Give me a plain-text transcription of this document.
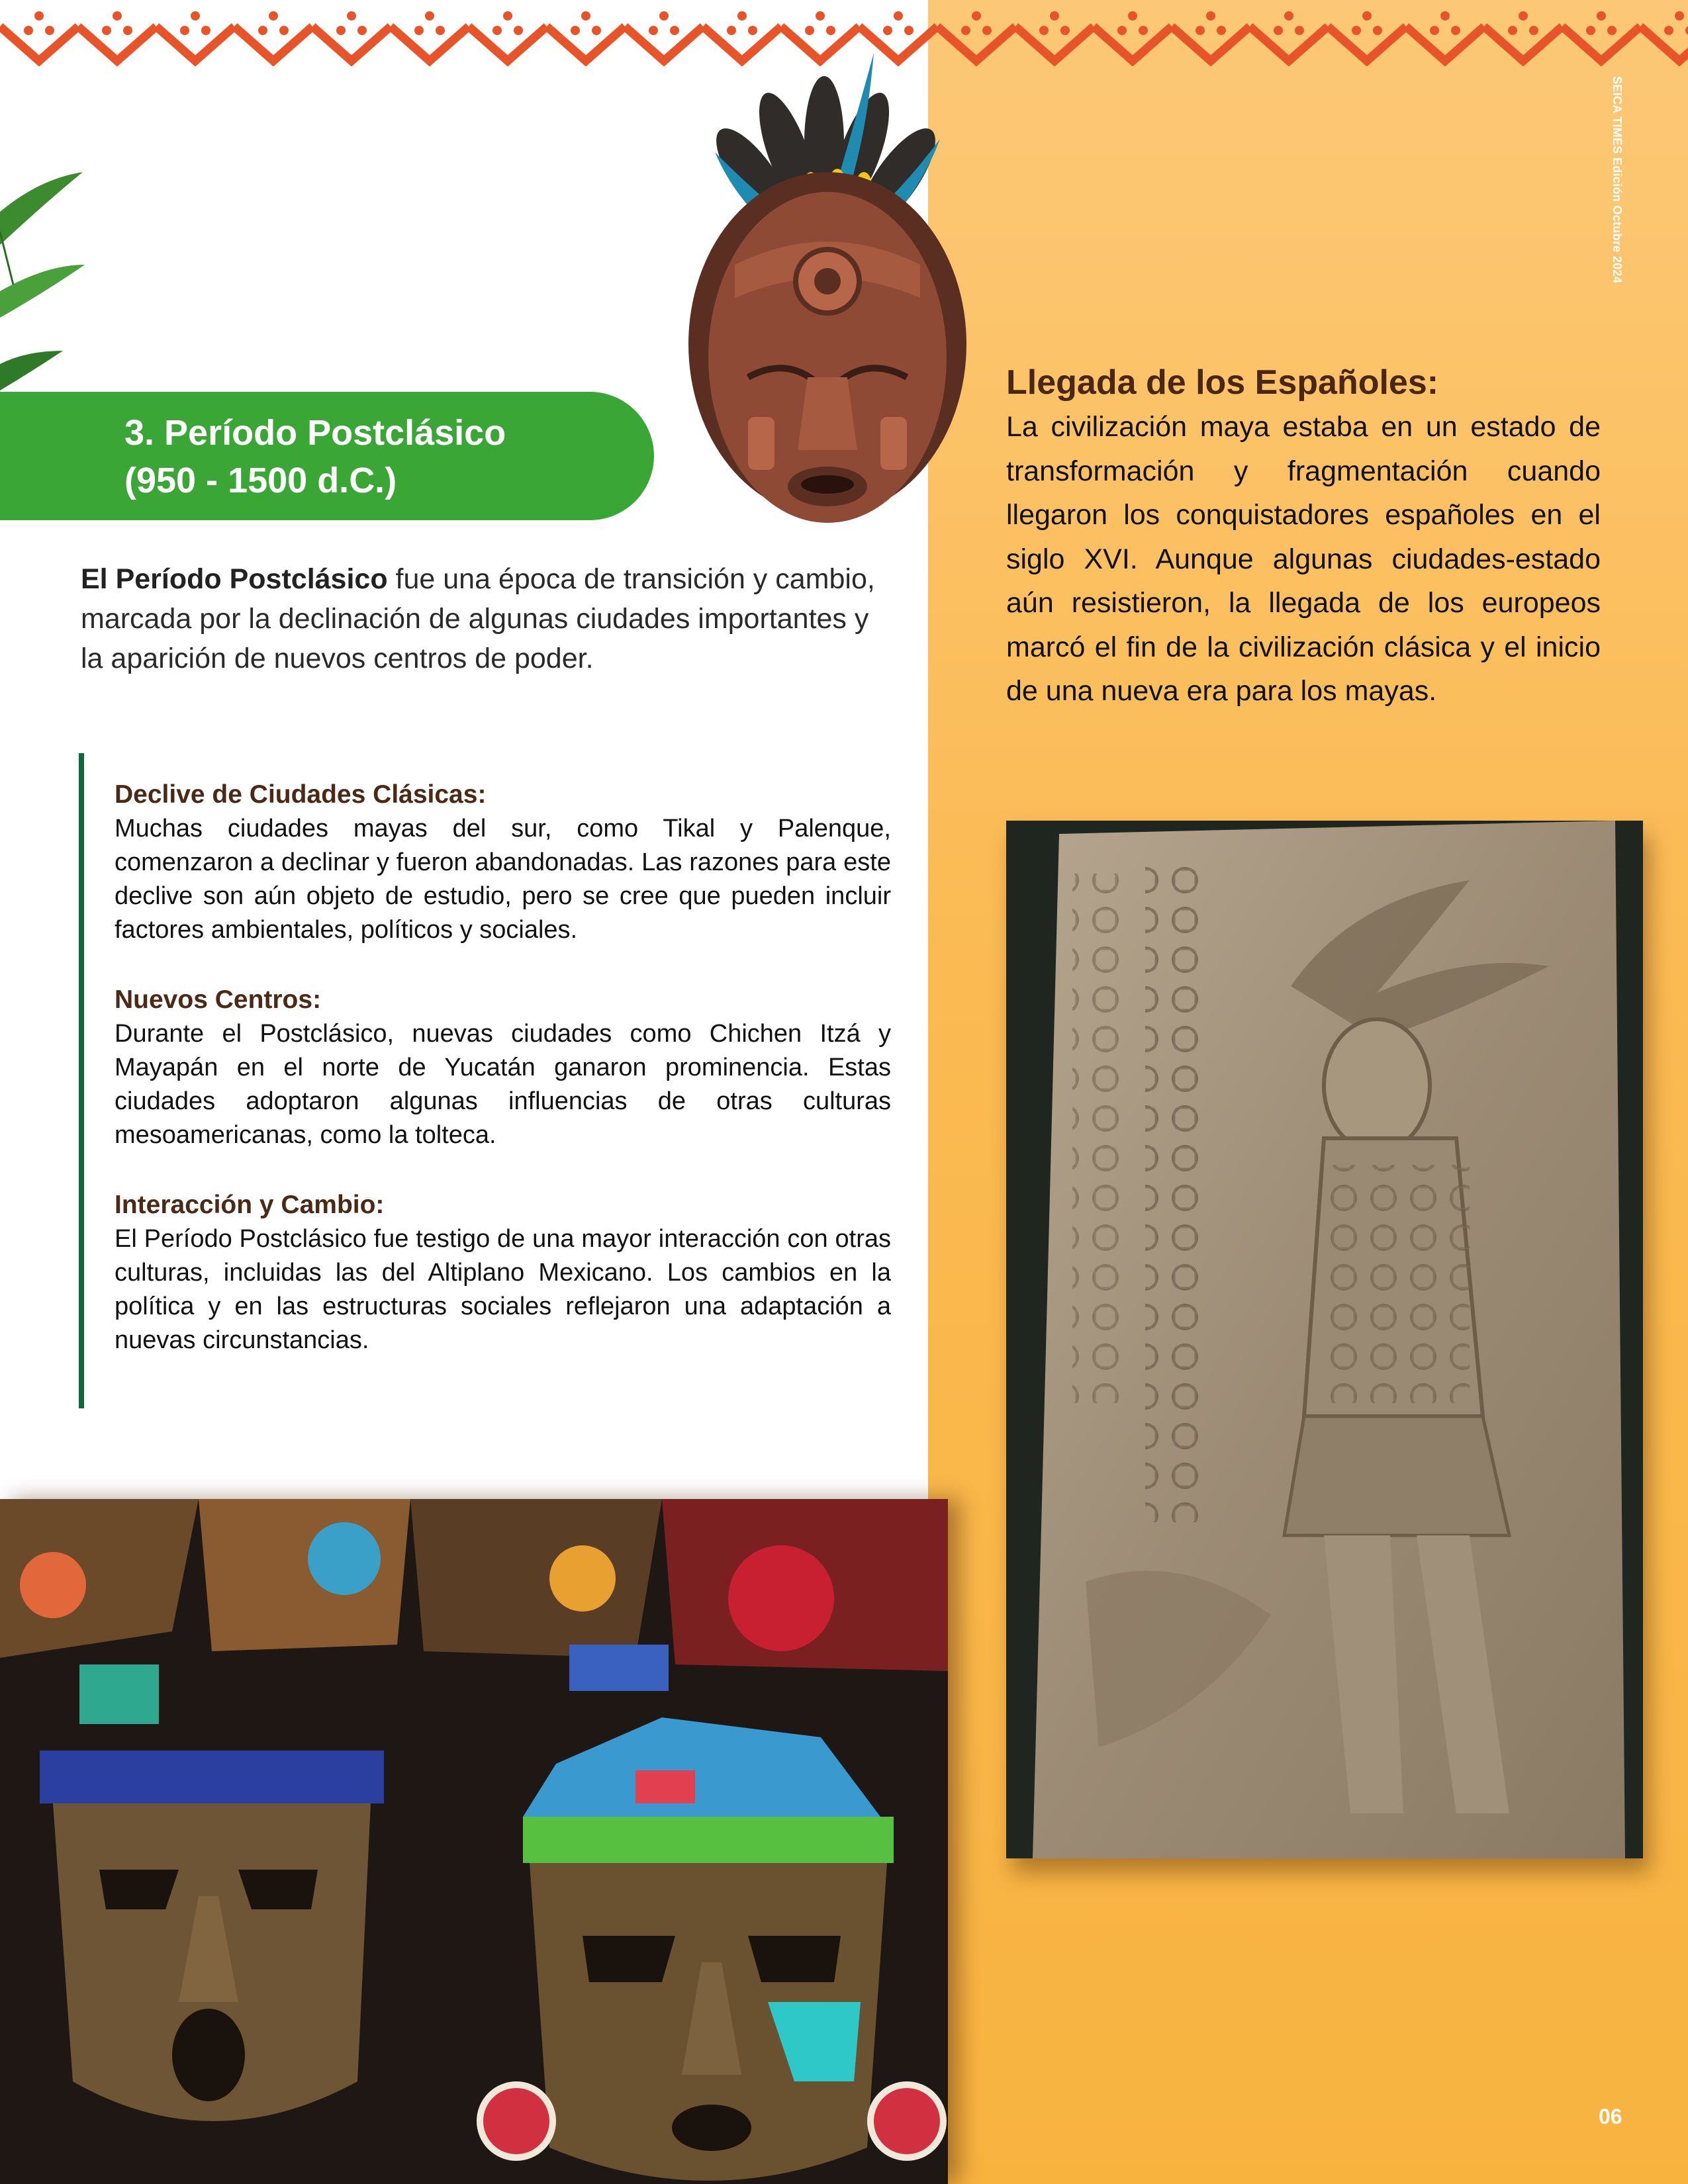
SEICA TIMES Edición Octubre 2024
3. Período Postclásico
(950 - 1500 d.C.)
El Período Postclásico fue una época de transición y cambio, marcada por la declinación de algunas ciudades importantes y la aparición de nuevos centros de poder.
Declive de Ciudades Clásicas:
Muchas ciudades mayas del sur, como Tikal y Palenque, comenzaron a declinar y fueron abandonadas. Las razones para este declive son aún objeto de estudio, pero se cree que pueden incluir factores ambientales, políticos y sociales.
Nuevos Centros:
Durante el Postclásico, nuevas ciudades como Chichen Itzá y Mayapán en el norte de Yucatán ganaron prominencia. Estas ciudades adoptaron algunas influencias de otras culturas mesoamericanas, como la tolteca.
Interacción y Cambio:
El Período Postclásico fue testigo de una mayor interacción con otras culturas, incluidas las del Altiplano Mexicano. Los cambios en la política y en las estructuras sociales reflejaron una adaptación a nuevas circunstancias.
Llegada de los Españoles:
La civilización maya estaba en un estado de transformación y fragmentación cuando llegaron los conquistadores españoles en el siglo XVI. Aunque algunas ciudades-estado aún resistieron, la llegada de los europeos marcó el fin de la civilización clásica y el inicio de una nueva era para los mayas.
06
